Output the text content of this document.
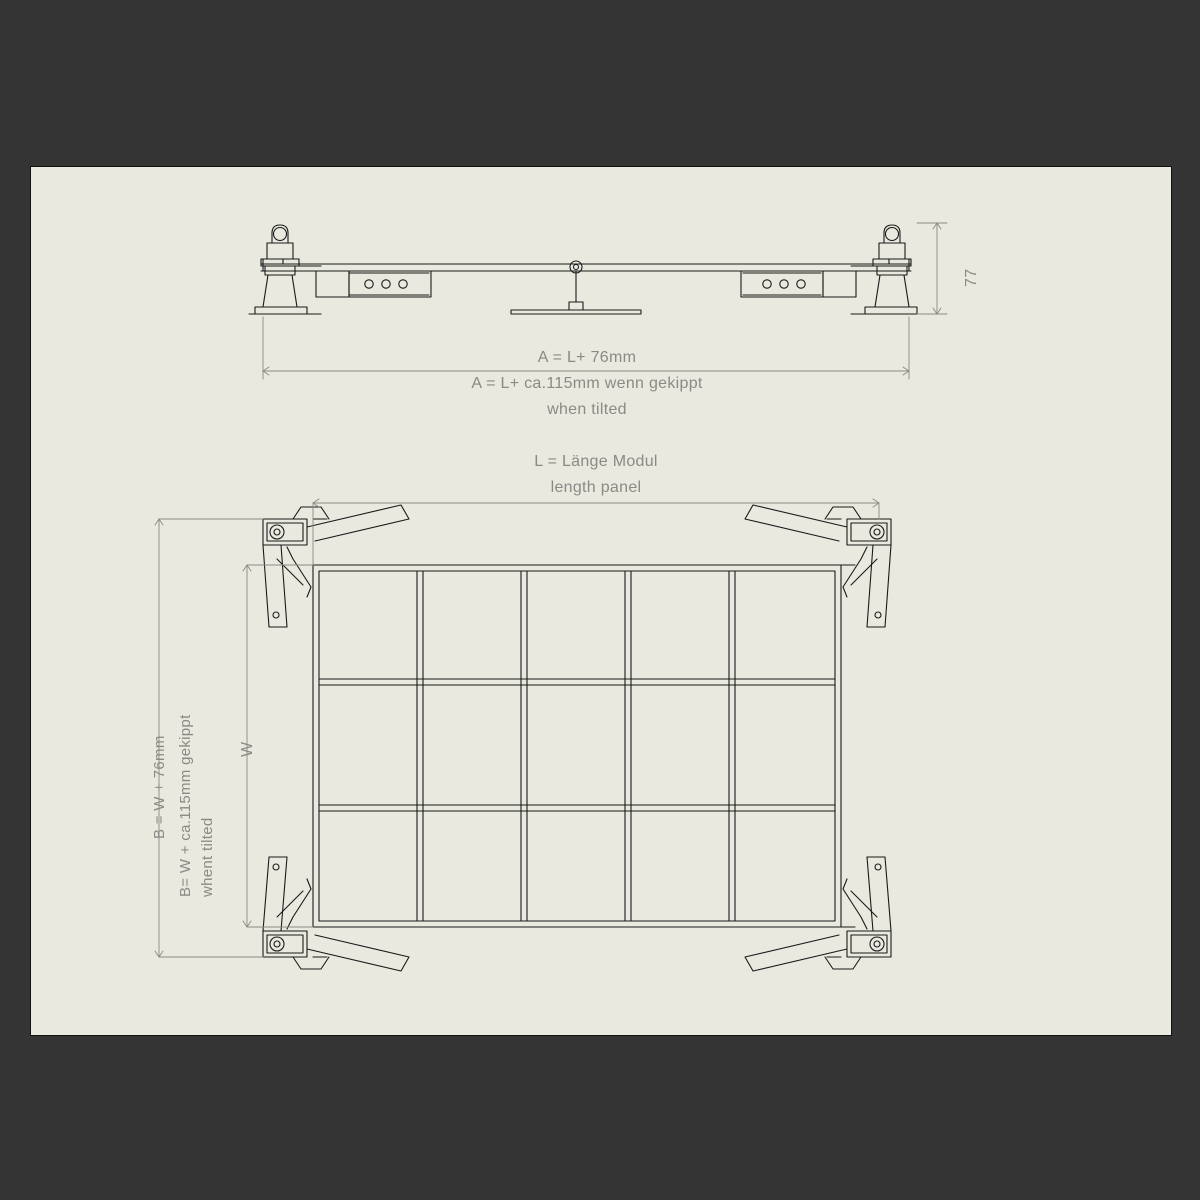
77
A = L+ 76mm
A = L+ ca.115mm wenn gekippt
when tilted
L = Länge Modul
length panel
W
B = W + 76mm B= W + ca.115mm gekippt whent tilted
